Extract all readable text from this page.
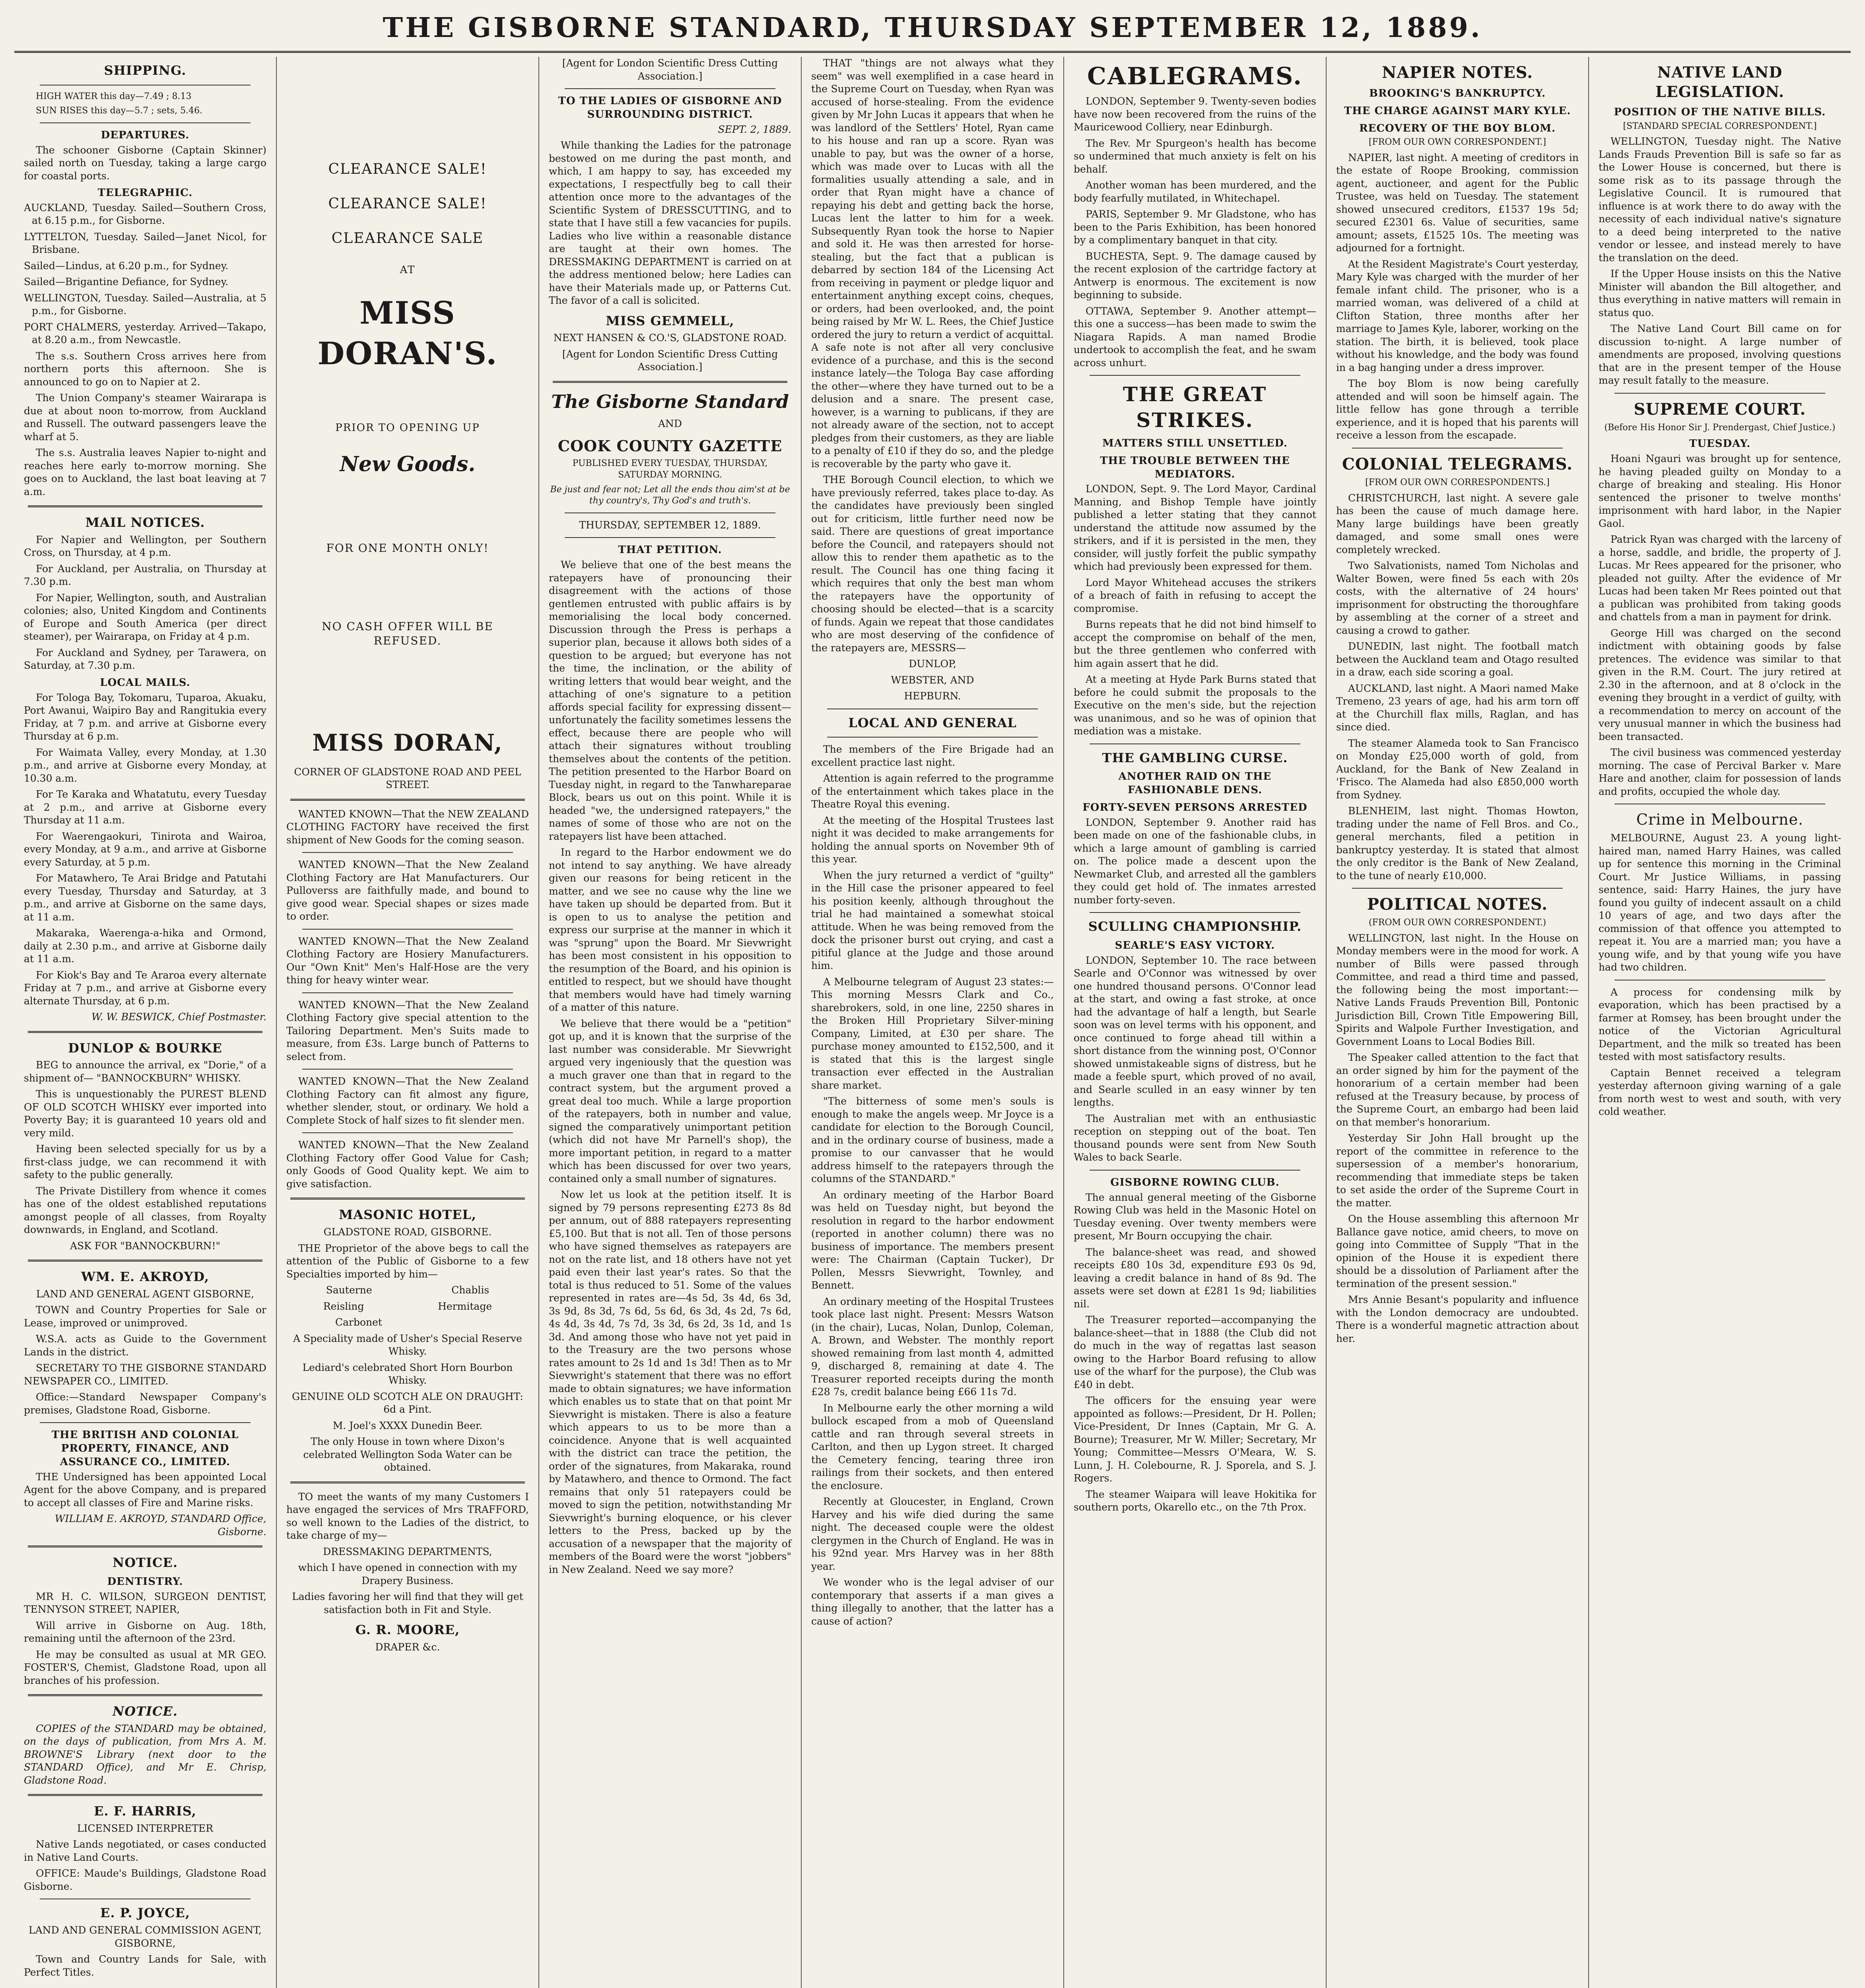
THE GISBORNE STANDARD, THURSDAY SEPTEMBER 12, 1889.
SHIPPING.

HIGH WATER this day—7.49 ; 8.13

SUN RISES this day—5.7 ; sets, 5.46.

DEPARTURES.

The schooner Gisborne (Captain Skinner) sailed north on Tuesday, taking a large cargo for coastal ports.

TELEGRAPHIC.

AUCKLAND, Tuesday. Sailed—Southern Cross, at 6.15 p.m., for Gisborne.

LYTTELTON, Tuesday. Sailed—Janet Nicol, for Brisbane.

Sailed—Lindus, at 6.20 p.m., for Sydney.

Sailed—Brigantine Defiance, for Sydney.

WELLINGTON, Tuesday. Sailed—Australia, at 5 p.m., for Gisborne.

PORT CHALMERS, yesterday. Arrived—Takapo, at 8.20 a.m., from Newcastle.

The s.s. Southern Cross arrives here from northern ports this afternoon. She is announced to go on to Napier at 2.

The Union Company's steamer Wairarapa is due at about noon to-morrow, from Auckland and Russell. The outward passengers leave the wharf at 5.

The s.s. Australia leaves Napier to-night and reaches here early to-morrow morning. She goes on to Auckland, the last boat leaving at 7 a.m.

MAIL NOTICES.

For Napier and Wellington, per Southern Cross, on Thursday, at 4 p.m.

For Auckland, per Australia, on Thursday at 7.30 p.m.

For Napier, Wellington, south, and Australian colonies; also, United Kingdom and Continents of Europe and South America (per direct steamer), per Wairarapa, on Friday at 4 p.m.

For Auckland and Sydney, per Tarawera, on Saturday, at 7.30 p.m.

LOCAL MAILS.

For Tologa Bay, Tokomaru, Tuparoa, Akuaku, Port Awanui, Waipiro Bay and Rangitukia every Friday, at 7 p.m. and arrive at Gisborne every Thursday at 6 p.m.

For Waimata Valley, every Monday, at 1.30 p.m., and arrive at Gisborne every Monday, at 10.30 a.m.

For Te Karaka and Whatatutu, every Tuesday at 2 p.m., and arrive at Gisborne every Thursday at 11 a.m.

For Waerengaokuri, Tinirota and Wairoa, every Monday, at 9 a.m., and arrive at Gisborne every Saturday, at 5 p.m.

For Matawhero, Te Arai Bridge and Patutahi every Tuesday, Thursday and Saturday, at 3 p.m., and arrive at Gisborne on the same days, at 11 a.m.

Makaraka, Waerenga-a-hika and Ormond, daily at 2.30 p.m., and arrive at Gisborne daily at 11 a.m.

For Kiok's Bay and Te Araroa every alternate Friday at 7 p.m., and arrive at Gisborne every alternate Thursday, at 6 p.m.

W. W. BESWICK, Chief Postmaster.

DUNLOP & BOURKE

BEG to announce the arrival, ex "Dorie," of a shipment of— "BANNOCKBURN" WHISKY.

This is unquestionably the PUREST BLEND OF OLD SCOTCH WHISKY ever imported into Poverty Bay; it is guaranteed 10 years old and very mild.

Having been selected specially for us by a first-class judge, we can recommend it with safety to the public generally.

The Private Distillery from whence it comes has one of the oldest established reputations amongst people of all classes, from Royalty downwards, in England, and Scotland.

ASK FOR "BANNOCKBURN!"

WM. E. AKROYD,

LAND AND GENERAL AGENT GISBORNE,

TOWN and Country Properties for Sale or Lease, improved or unimproved.

W.S.A. acts as Guide to the Government Lands in the district.

SECRETARY TO THE GISBORNE STANDARD NEWSPAPER CO., LIMITED.

Office:—Standard Newspaper Company's premises, Gladstone Road, Gisborne.

THE BRITISH AND COLONIAL PROPERTY, FINANCE, AND ASSURANCE CO., LIMITED.

THE Undersigned has been appointed Local Agent for the above Company, and is prepared to accept all classes of Fire and Marine risks.

WILLIAM E. AKROYD, STANDARD Office, Gisborne.

NOTICE.
DENTISTRY.

MR H. C. WILSON, SURGEON DENTIST, TENNYSON STREET, NAPIER,

Will arrive in Gisborne on Aug. 18th, remaining until the afternoon of the 23rd.

He may be consulted as usual at MR GEO. FOSTER'S, Chemist, Gladstone Road, upon all branches of his profession.

NOTICE.

COPIES of the STANDARD may be obtained, on the days of publication, from Mrs A. M. BROWNE'S Library (next door to the STANDARD Office), and Mr E. Chrisp, Gladstone Road.

E. F. HARRIS,

LICENSED INTERPRETER

Native Lands negotiated, or cases conducted in Native Land Courts.

OFFICE: Maude's Buildings, Gladstone Road Gisborne.

E. P. JOYCE,

LAND AND GENERAL COMMISSION AGENT, GISBORNE,

Town and Country Lands for Sale, with Perfect Titles.

CLEARANCE SALE!
CLEARANCE SALE!
CLEARANCE SALE
AT
MISS DORAN'S.
PRIOR TO OPENING UP
New Goods.
FOR ONE MONTH ONLY!
NO CASH OFFER WILL BE REFUSED.
MISS DORAN,

CORNER OF GLADSTONE ROAD AND PEEL STREET.

WANTED KNOWN—That the NEW ZEALAND CLOTHING FACTORY have received the first shipment of New Goods for the coming season.

WANTED KNOWN—That the New Zealand Clothing Factory are Hat Manufacturers. Our Pulloverss are faithfully made, and bound to give good wear. Special shapes or sizes made to order.

WANTED KNOWN—That the New Zealand Clothing Factory are Hosiery Manufacturers. Our "Own Knit" Men's Half-Hose are the very thing for heavy winter wear.

WANTED KNOWN—That the New Zealand Clothing Factory give special attention to the Tailoring Department. Men's Suits made to measure, from £3s. Large bunch of Patterns to select from.

WANTED KNOWN—That the New Zealand Clothing Factory can fit almost any figure, whether slender, stout, or ordinary. We hold a Complete Stock of half sizes to fit slender men.

WANTED KNOWN—That the New Zealand Clothing Factory offer Good Value for Cash; only Goods of Good Quality kept. We aim to give satisfaction.

MASONIC HOTEL,

GLADSTONE ROAD, GISBORNE.

THE Proprietor of the above begs to call the attention of the Public of Gisborne to a few Specialties imported by him—

Sauterne	Chablis

Reisling	Hermitage

Carbonet

A Speciality made of Usher's Special Reserve Whisky.

Lediard's celebrated Short Horn Bourbon Whisky.

GENUINE OLD SCOTCH ALE ON DRAUGHT: 6d a Pint.

M. Joel's XXXX Dunedin Beer.

The only House in town where Dixon's celebrated Wellington Soda Water can be obtained.

TO meet the wants of my many Customers I have engaged the services of Mrs TRAFFORD, so well known to the Ladies of the district, to take charge of my—

DRESSMAKING DEPARTMENTS,

which I have opened in connection with my Drapery Business.

Ladies favoring her will find that they will get satisfaction both in Fit and Style.

G. R. MOORE,

DRAPER &c.

[Agent for London Scientific Dress Cutting Association.]

TO THE LADIES OF GISBORNE AND SURROUNDING DISTRICT.

SEPT. 2, 1889.

While thanking the Ladies for the patronage bestowed on me during the past month, and which, I am happy to say, has exceeded my expectations, I respectfully beg to call their attention once more to the advantages of the Scientific System of DRESSCUTTING, and to state that I have still a few vacancies for pupils. Ladies who live within a reasonable distance are taught at their own homes. The DRESSMAKING DEPARTMENT is carried on at the address mentioned below; here Ladies can have their Materials made up, or Patterns Cut. The favor of a call is solicited.

MISS GEMMELL,

NEXT HANSEN & CO.'S, GLADSTONE ROAD.

[Agent for London Scientific Dress Cutting Association.]

The Gisborne Standard

AND

COOK COUNTY GAZETTE

PUBLISHED EVERY TUESDAY, THURSDAY, SATURDAY MORNING.

Be just and fear not; Let all the ends thou aim'st at be thy country's, Thy God's and truth's.

THURSDAY, SEPTEMBER 12, 1889.

THAT PETITION.

We believe that one of the best means the ratepayers have of pronouncing their disagreement with the actions of those gentlemen entrusted with public affairs is by memorialising the local body concerned. Discussion through the Press is perhaps a superior plan, because it allows both sides of a question to be argued; but everyone has not the time, the inclination, or the ability of writing letters that would bear weight, and the attaching of one's signature to a petition affords special facility for expressing dissent—unfortunately the facility sometimes lessens the effect, because there are people who will attach their signatures without troubling themselves about the contents of the petition. The petition presented to the Harbor Board on Tuesday night, in regard to the Tanwhareparae Block, bears us out on this point. While it is headed "we, the undersigned ratepayers," the names of some of those who are not on the ratepayers list have been attached.

In regard to the Harbor endowment we do not intend to say anything. We have already given our reasons for being reticent in the matter, and we see no cause why the line we have taken up should be departed from. But it is open to us to analyse the petition and express our surprise at the manner in which it was "sprung" upon the Board. Mr Sievwright has been most consistent in his opposition to the resumption of the Board, and his opinion is entitled to respect, but we should have thought that members would have had timely warning of a matter of this nature.

We believe that there would be a "petition" got up, and it is known that the surprise of the last number was considerable. Mr Sievwright argued very ingeniously that the question was a much graver one than that in regard to the contract system, but the argument proved a great deal too much. While a large proportion of the ratepayers, both in number and value, signed the comparatively unimportant petition (which did not have Mr Parnell's shop), the more important petition, in regard to a matter which has been discussed for over two years, contained only a small number of signatures.

Now let us look at the petition itself. It is signed by 79 persons representing £273 8s 8d per annum, out of 888 ratepayers representing £5,100. But that is not all. Ten of those persons who have signed themselves as ratepayers are not on the rate list, and 18 others have not yet paid even their last year's rates. So that the total is thus reduced to 51. Some of the values represented in rates are—4s 5d, 3s 4d, 6s 3d, 3s 9d, 8s 3d, 7s 6d, 5s 6d, 6s 3d, 4s 2d, 7s 6d, 4s 4d, 3s 4d, 7s 7d, 3s 3d, 6s 2d, 3s 1d, and 1s 3d. And among those who have not yet paid in to the Treasury are the two persons whose rates amount to 2s 1d and 1s 3d! Then as to Mr Sievwright's statement that there was no effort made to obtain signatures; we have information which enables us to state that on that point Mr Sievwright is mistaken. There is also a feature which appears to us to be more than a coincidence. Anyone that is well acquainted with the district can trace the petition, the order of the signatures, from Makaraka, round by Matawhero, and thence to Ormond. The fact remains that only 51 ratepayers could be moved to sign the petition, notwithstanding Mr Sievwright's burning eloquence, or his clever letters to the Press, backed up by the accusation of a newspaper that the majority of members of the Board were the worst "jobbers" in New Zealand. Need we say more?

THAT "things are not always what they seem" was well exemplified in a case heard in the Supreme Court on Tuesday, when Ryan was accused of horse-stealing. From the evidence given by Mr John Lucas it appears that when he was landlord of the Settlers' Hotel, Ryan came to his house and ran up a score. Ryan was unable to pay, but was the owner of a horse, which was made over to Lucas with all the formalities usually attending a sale, and in order that Ryan might have a chance of repaying his debt and getting back the horse, Lucas lent the latter to him for a week. Subsequently Ryan took the horse to Napier and sold it. He was then arrested for horse-stealing, but the fact that a publican is debarred by section 184 of the Licensing Act from receiving in payment or pledge liquor and entertainment anything except coins, cheques, or orders, had been overlooked, and, the point being raised by Mr W. L. Rees, the Chief Justice ordered the jury to return a verdict of acquittal. A safe note is not after all very conclusive evidence of a purchase, and this is the second instance lately—the Tologa Bay case affording the other—where they have turned out to be a delusion and a snare. The present case, however, is a warning to publicans, if they are not already aware of the section, not to accept pledges from their customers, as they are liable to a penalty of £10 if they do so, and the pledge is recoverable by the party who gave it.

THE Borough Council election, to which we have previously referred, takes place to-day. As the candidates have previously been singled out for criticism, little further need now be said. There are questions of great importance before the Council, and ratepayers should not allow this to render them apathetic as to the result. The Council has one thing facing it which requires that only the best man whom the ratepayers have the opportunity of choosing should be elected—that is a scarcity of funds. Again we repeat that those candidates who are most deserving of the confidence of the ratepayers are, MESSRS—

DUNLOP,

WEBSTER, AND

HEPBURN.

LOCAL AND GENERAL

The members of the Fire Brigade had an excellent practice last night.

Attention is again referred to the programme of the entertainment which takes place in the Theatre Royal this evening.

At the meeting of the Hospital Trustees last night it was decided to make arrangements for holding the annual sports on November 9th of this year.

When the jury returned a verdict of "guilty" in the Hill case the prisoner appeared to feel his position keenly, although throughout the trial he had maintained a somewhat stoical attitude. When he was being removed from the dock the prisoner burst out crying, and cast a pitiful glance at the Judge and those around him.

A Melbourne telegram of August 23 states:—This morning Messrs Clark and Co., sharebrokers, sold, in one line, 2250 shares in the Broken Hill Proprietary Silver-mining Company, Limited, at £30 per share. The purchase money amounted to £152,500, and it is stated that this is the largest single transaction ever effected in the Australian share market.

"The bitterness of some men's souls is enough to make the angels weep. Mr Joyce is a candidate for election to the Borough Council, and in the ordinary course of business, made a promise to our canvasser that he would address himself to the ratepayers through the columns of the STANDARD."

An ordinary meeting of the Harbor Board was held on Tuesday night, but beyond the resolution in regard to the harbor endowment (reported in another column) there was no business of importance. The members present were: The Chairman (Captain Tucker), Dr Pollen, Messrs Sievwright, Townley, and Bennett.

An ordinary meeting of the Hospital Trustees took place last night. Present: Messrs Watson (in the chair), Lucas, Nolan, Dunlop, Coleman, A. Brown, and Webster. The monthly report showed remaining from last month 4, admitted 9, discharged 8, remaining at date 4. The Treasurer reported receipts during the month £28 7s, credit balance being £66 11s 7d.

In Melbourne early the other morning a wild bullock escaped from a mob of Queensland cattle and ran through several streets in Carlton, and then up Lygon street. It charged the Cemetery fencing, tearing three iron railings from their sockets, and then entered the enclosure.

Recently at Gloucester, in England, Crown Harvey and his wife died during the same night. The deceased couple were the oldest clergymen in the Church of England. He was in his 92nd year. Mrs Harvey was in her 88th year.

We wonder who is the legal adviser of our contemporary that asserts if a man gives a thing illegally to another, that the latter has a cause of action?

CABLEGRAMS.

LONDON, September 9. Twenty-seven bodies have now been recovered from the ruins of the Mauricewood Colliery, near Edinburgh.

The Rev. Mr Spurgeon's health has become so undermined that much anxiety is felt on his behalf.

Another woman has been murdered, and the body fearfully mutilated, in Whitechapel.

PARIS, September 9. Mr Gladstone, who has been to the Paris Exhibition, has been honored by a complimentary banquet in that city.

BUCHESTA, Sept. 9. The damage caused by the recent explosion of the cartridge factory at Antwerp is enormous. The excitement is now beginning to subside.

OTTAWA, September 9. Another attempt—this one a success—has been made to swim the Niagara Rapids. A man named Brodie undertook to accomplish the feat, and he swam across unhurt.

THE GREAT STRIKES.
MATTERS STILL UNSETTLED.
THE TROUBLE BETWEEN THE MEDIATORS.

LONDON, Sept. 9. The Lord Mayor, Cardinal Manning, and Bishop Temple have jointly published a letter stating that they cannot understand the attitude now assumed by the strikers, and if it is persisted in the men, they consider, will justly forfeit the public sympathy which had previously been expressed for them.

Lord Mayor Whitehead accuses the strikers of a breach of faith in refusing to accept the compromise.

Burns repeats that he did not bind himself to accept the compromise on behalf of the men, but the three gentlemen who conferred with him again assert that he did.

At a meeting at Hyde Park Burns stated that before he could submit the proposals to the Executive on the men's side, but the rejection was unanimous, and so he was of opinion that mediation was a mistake.

THE GAMBLING CURSE.
ANOTHER RAID ON THE FASHIONABLE DENS.
FORTY-SEVEN PERSONS ARRESTED

LONDON, September 9. Another raid has been made on one of the fashionable clubs, in which a large amount of gambling is carried on. The police made a descent upon the Newmarket Club, and arrested all the gamblers they could get hold of. The inmates arrested number forty-seven.

SCULLING CHAMPIONSHIP.
SEARLE'S EASY VICTORY.

LONDON, September 10. The race between Searle and O'Connor was witnessed by over one hundred thousand persons. O'Connor lead at the start, and owing a fast stroke, at once had the advantage of half a length, but Searle soon was on level terms with his opponent, and once continued to forge ahead till within a short distance from the winning post, O'Connor showed unmistakeable signs of distress, but he made a feeble spurt, which proved of no avail, and Searle sculled in an easy winner by ten lengths.

The Australian met with an enthusiastic reception on stepping out of the boat. Ten thousand pounds were sent from New South Wales to back Searle.

GISBORNE ROWING CLUB.

The annual general meeting of the Gisborne Rowing Club was held in the Masonic Hotel on Tuesday evening. Over twenty members were present, Mr Bourn occupying the chair.

The balance-sheet was read, and showed receipts £80 10s 3d, expenditure £93 0s 9d, leaving a credit balance in hand of 8s 9d. The assets were set down at £281 1s 9d; liabilities nil.

The Treasurer reported—accompanying the balance-sheet—that in 1888 (the Club did not do much in the way of regattas last season owing to the Harbor Board refusing to allow use of the wharf for the purpose), the Club was £40 in debt.

The officers for the ensuing year were appointed as follows:—President, Dr H. Pollen; Vice-President, Dr Innes (Captain, Mr G. A. Bourne); Treasurer, Mr W. Miller; Secretary, Mr Young; Committee—Messrs O'Meara, W. S. Lunn, J. H. Colebourne, R. J. Sporela, and S. J. Rogers.

The steamer Waipara will leave Hokitika for southern ports, Okarello etc., on the 7th Prox.

NAPIER NOTES.
BROOKING'S BANKRUPTCY.
THE CHARGE AGAINST MARY KYLE.
RECOVERY OF THE BOY BLOM.

[FROM OUR OWN CORRESPONDENT.]

NAPIER, last night. A meeting of creditors in the estate of Roope Brooking, commission agent, auctioneer, and agent for the Public Trustee, was held on Tuesday. The statement showed unsecured creditors, £1537 19s 5d; secured £2301 6s. Value of securities, same amount; assets, £1525 10s. The meeting was adjourned for a fortnight.

At the Resident Magistrate's Court yesterday, Mary Kyle was charged with the murder of her female infant child. The prisoner, who is a married woman, was delivered of a child at Clifton Station, three months after her marriage to James Kyle, laborer, working on the station. The birth, it is believed, took place without his knowledge, and the body was found in a bag hanging under a dress improver.

The boy Blom is now being carefully attended and will soon be himself again. The little fellow has gone through a terrible experience, and it is hoped that his parents will receive a lesson from the escapade.

COLONIAL TELEGRAMS.

[FROM OUR OWN CORRESPONDENTS.]

CHRISTCHURCH, last night. A severe gale has been the cause of much damage here. Many large buildings have been greatly damaged, and some small ones were completely wrecked.

Two Salvationists, named Tom Nicholas and Walter Bowen, were fined 5s each with 20s costs, with the alternative of 24 hours' imprisonment for obstructing the thoroughfare by assembling at the corner of a street and causing a crowd to gather.

DUNEDIN, last night. The football match between the Auckland team and Otago resulted in a draw, each side scoring a goal.

AUCKLAND, last night. A Maori named Make Tremeno, 23 years of age, had his arm torn off at the Churchill flax mills, Raglan, and has since died.

The steamer Alameda took to San Francisco on Monday £25,000 worth of gold, from Auckland, for the Bank of New Zealand in 'Frisco. The Alameda had also £850,000 worth from Sydney.

BLENHEIM, last night. Thomas Howton, trading under the name of Fell Bros. and Co., general merchants, filed a petition in bankruptcy yesterday. It is stated that almost the only creditor is the Bank of New Zealand, to the tune of nearly £10,000.

POLITICAL NOTES.

(FROM OUR OWN CORRESPONDENT.)

WELLINGTON, last night. In the House on Monday members were in the mood for work. A number of Bills were passed through Committee, and read a third time and passed, the following being the most important:—Native Lands Frauds Prevention Bill, Pontonic Jurisdiction Bill, Crown Title Empowering Bill, Spirits and Walpole Further Investigation, and Government Loans to Local Bodies Bill.

The Speaker called attention to the fact that an order signed by him for the payment of the honorarium of a certain member had been refused at the Treasury because, by process of the Supreme Court, an embargo had been laid on that member's honorarium.

Yesterday Sir John Hall brought up the report of the committee in reference to the supersession of a member's honorarium, recommending that immediate steps be taken to set aside the order of the Supreme Court in the matter.

On the House assembling this afternoon Mr Ballance gave notice, amid cheers, to move on going into Committee of Supply "That in the opinion of the House it is expedient there should be a dissolution of Parliament after the termination of the present session."

Mrs Annie Besant's popularity and influence with the London democracy are undoubted. There is a wonderful magnetic attraction about her.

NATIVE LAND LEGISLATION.
POSITION OF THE NATIVE BILLS.

[STANDARD SPECIAL CORRESPONDENT.]

WELLINGTON, Tuesday night. The Native Lands Frauds Prevention Bill is safe so far as the Lower House is concerned, but there is some risk as to its passage through the Legislative Council. It is rumoured that influence is at work there to do away with the necessity of each individual native's signature to a deed being interpreted to the native vendor or lessee, and instead merely to have the translation on the deed.

If the Upper House insists on this the Native Minister will abandon the Bill altogether, and thus everything in native matters will remain in status quo.

The Native Land Court Bill came on for discussion to-night. A large number of amendments are proposed, involving questions that are in the present temper of the House may result fatally to the measure.

SUPREME COURT.

(Before His Honor Sir J. Prendergast, Chief Justice.)

TUESDAY.

Hoani Ngauri was brought up for sentence, he having pleaded guilty on Monday to a charge of breaking and stealing. His Honor sentenced the prisoner to twelve months' imprisonment with hard labor, in the Napier Gaol.

Patrick Ryan was charged with the larceny of a horse, saddle, and bridle, the property of J. Lucas. Mr Rees appeared for the prisoner, who pleaded not guilty. After the evidence of Mr Lucas had been taken Mr Rees pointed out that a publican was prohibited from taking goods and chattels from a man in payment for drink.

George Hill was charged on the second indictment with obtaining goods by false pretences. The evidence was similar to that given in the R.M. Court. The jury retired at 2.30 in the afternoon, and at 8 o'clock in the evening they brought in a verdict of guilty, with a recommendation to mercy on account of the very unusual manner in which the business had been transacted.

The civil business was commenced yesterday morning. The case of Percival Barker v. Mare Hare and another, claim for possession of lands and profits, occupied the whole day.

Crime in Melbourne.

MELBOURNE, August 23. A young light-haired man, named Harry Haines, was called up for sentence this morning in the Criminal Court. Mr Justice Williams, in passing sentence, said: Harry Haines, the jury have found you guilty of indecent assault on a child 10 years of age, and two days after the commission of that offence you attempted to repeat it. You are a married man; you have a young wife, and by that young wife you have had two children.

A process for condensing milk by evaporation, which has been practised by a farmer at Romsey, has been brought under the notice of the Victorian Agricultural Department, and the milk so treated has been tested with most satisfactory results.

Captain Bennet received a telegram yesterday afternoon giving warning of a gale from north west to west and south, with very cold weather.
